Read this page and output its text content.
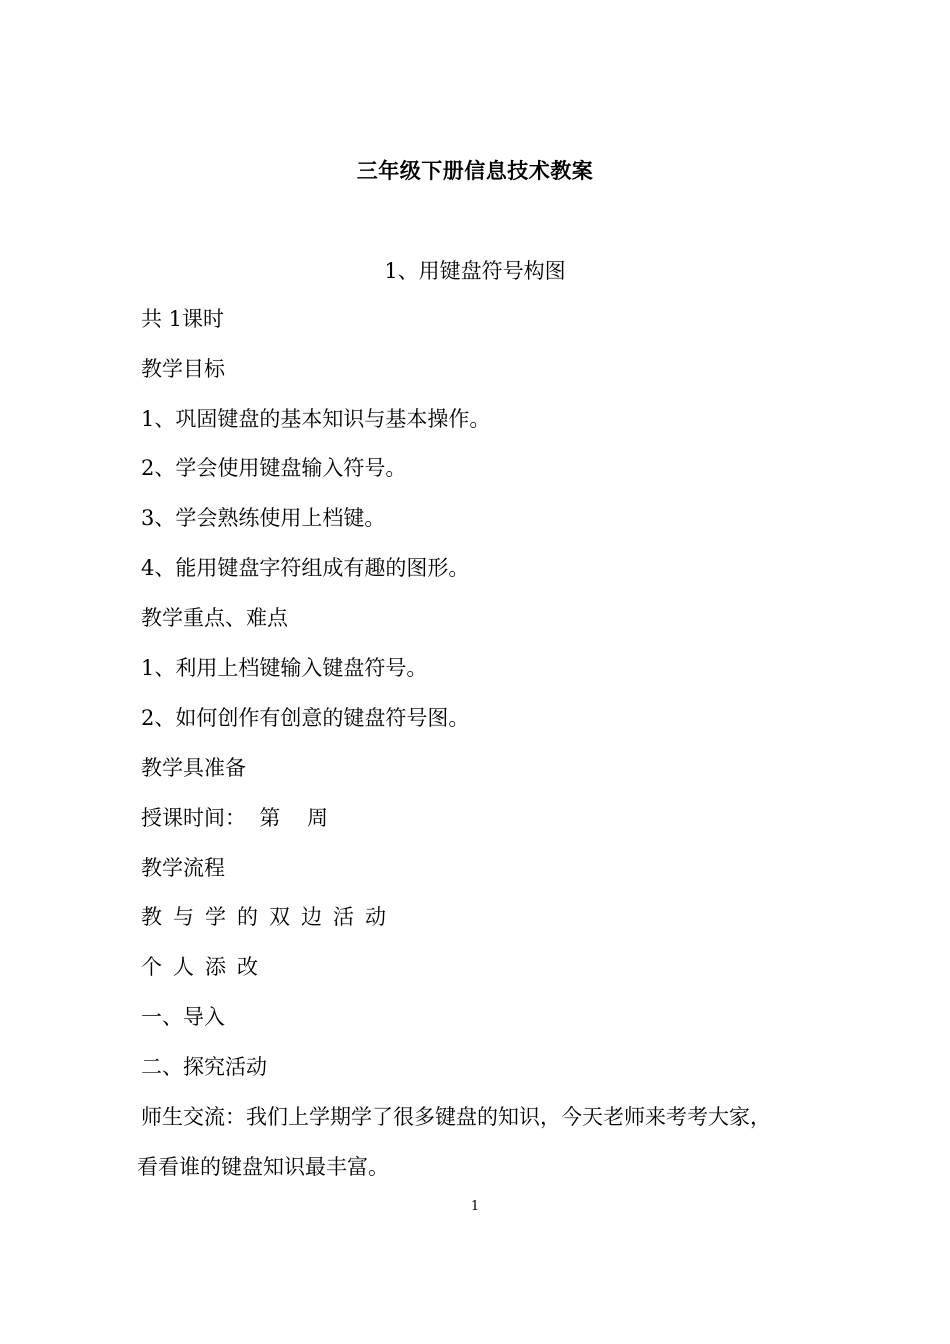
三年级下册信息技术教案
1、用键盘符号构图
共 1课时
教学目标
1、巩固键盘的基本知识与基本操作。
2、学会使用键盘输入符号。
3、学会熟练使用上档键。
4、能用键盘字符组成有趣的图形。
教学重点、难点
1、利用上档键输入键盘符号。
2、如何创作有创意的键盘符号图。
教学具准备
授课时间：  第    周
教学流程
教与学的双边活动
个人添改
一、导入
二、探究活动
师生交流：我们上学期学了很多键盘的知识，今天老师来考考大家，
看看谁的键盘知识最丰富。
1
